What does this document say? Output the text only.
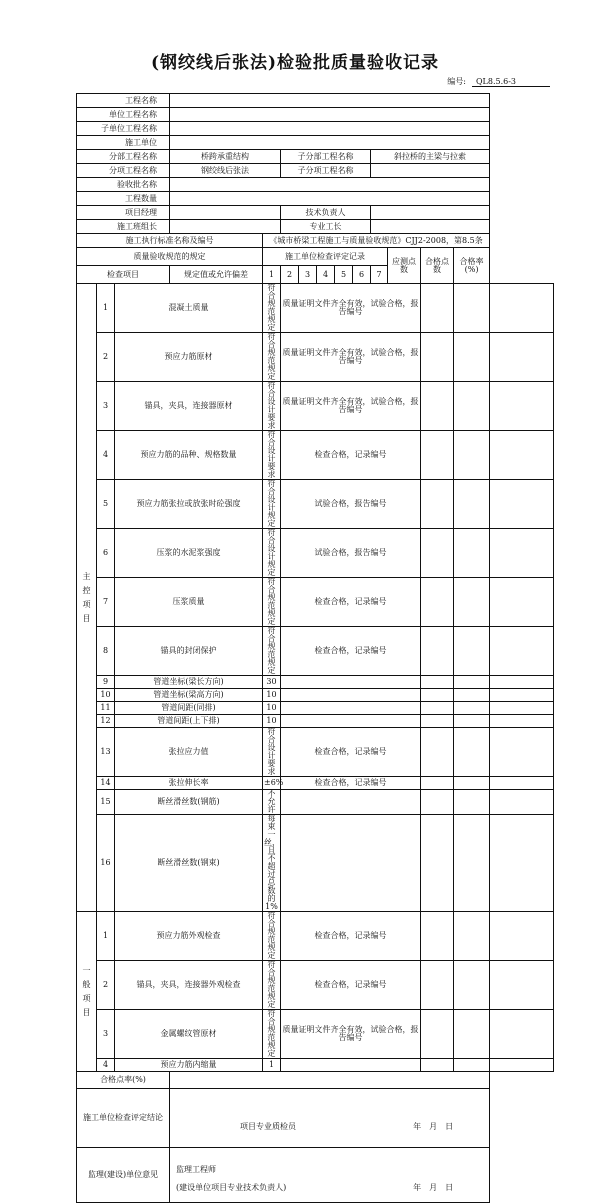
(钢绞线后张法)检验批质量验收记录
编号: QL8.5.6-3
工程名称														
单位工程名称														
子单位工程名称														
施工单位														
分部工程名称			桥跨承重结构		子分部工程名称					斜拉桥的主梁与拉索				
分项工程名称			钢绞线后张法		子分项工程名称									
验收批名称														
工程数量														
项目经理					技术负责人									
施工班组长					专业工长									
施工执行标准名称及编号				《城市桥梁工程施工与质量验收规范》CJJ2-2008，第8.5条										
质量验收规范的规定				施工单位检查评定记录							应测点数	合格点数	合格率(%)	
检查项目			规定值或允许偏差	1	2	3	4	5	6	7				

主
控
项
目	1	混凝土质量		符合规范规定	质量证明文件齐全有效，试验合格，报告编号									
	2	预应力筋原材		符合规范规定	质量证明文件齐全有效，试验合格，报告编号									
	3	锚具，夹具，连接器原材		符合设计要求	质量证明文件齐全有效，试验合格，报告编号									
	4	预应力筋的品种、规格数量		符合设计要求	检查合格，记录编号									
	5	预应力筋张拉或放张时砼强度		符合设计规定	试验合格，报告编号									
	6	压浆的水泥浆强度		符合设计规定	试验合格，报告编号									
	7	压浆质量		符合规范规定	检查合格，记录编号									
	8	锚具的封闭保护		符合规范规定	检查合格，记录编号									
	9	管道坐标(梁长方向)		30										
	10	管道坐标(梁高方向)		10										
	11	管道间距(同排)		10										
	12	管道间距(上下排)		10										
	13	张拉应力值		符合设计要求	检查合格，记录编号									
	14	张拉伸长率		±6%	检查合格，记录编号									
	15	断丝滑丝数(钢筋)		不允许										
	16	断丝滑丝数(钢束)		每束一丝，且不超过总数的1%										

一
般
项
目	1	预应力筋外观检查		符合规范规定	检查合格，记录编号									
	2	锚具，夹具，连接器外观检查		符合规范规定	检查合格，记录编号									
	3	金属螺纹管原材		符合规范规定	质量证明文件齐全有效，试验合格，报告编号									
	4	预应力筋内缩量		1										
合格点率(%)														
施工单位检查评定结论			项目专业质检员 年　月　日											

监理(建设)单位意见			监理工程师
(建设单位项目专业技术负责人) 年　月　日											
